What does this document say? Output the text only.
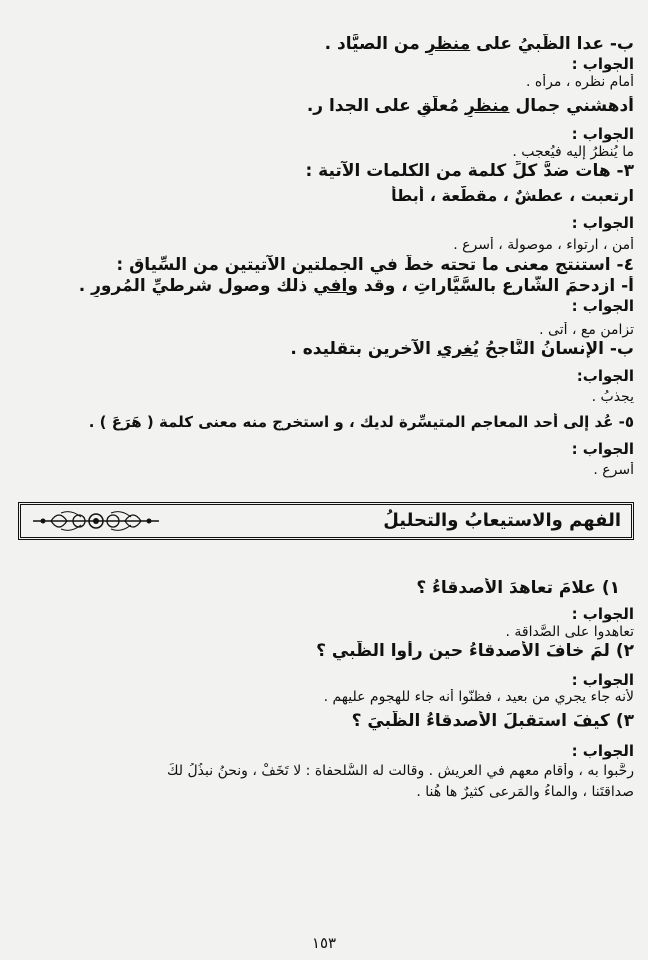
ب- عدا الظَّبيُ على منظرٍ من الصيَّاد .

الجواب :

أمام نظره ، مرأه .

أدهشني جمال منظرٍ مُعلّقٍ على الجدا ر.

الجواب :

ما يُنظرُ إليه فيُعجب .

٣- هات ضدَّ كلِّ كلمة من الكلمات الآتية :

ارتعبت ، عطشٌ ، مقطَّعة ، أبطأ

الجواب :

أمن ، ارتواء ، موصولة ، أسرع .

٤- استنتج معنى ما تحته خطٌّ في الجملتين الآتيتين من السِّياق :

أ- ازدحمَ الشَّارع بالسَّيَّاراتِ ، وقد وافي ذلك وصول شرطيِّ المُرورِ .

الجواب :

تزامن مع ، أتى .

ب- الإنسانُ النَّاجحُ يُغري الآخرين بتقليده .

الجواب:

يجذبُ .

٥- عُد إلى أحد المعاجم المتيسِّرة لديك ، و استخرج منه معنى كلمة ( هَرَعَ ) .

الجواب :

أسرع .

الفهم والاستيعابُ والتحليلُ

١) علامَ تعاهدَ الأصدقاءُ ؟

الجواب :

تعاهدوا على الصَّداقة .

٢) لمَ خافَ الأصدقاءُ حين رأوا الظَّبي ؟

الجواب :

لأنه جاء يجري من بعيد ، فظنّوا أنه جاء للهجوم عليهم .

٣) كيفَ استقبلَ الأصدقاءُ الظَّبيَ ؟

الجواب :

رحَّبوا به ، وأقام معهم في العريش . وقالت له السُّلحفاة : لا تَخَفْ ، ونحنُ نبذُلُ لكَ

صداقتَنا ، والماءُ والمَرعى كثيرٌ ها هُنا .

١٥٣
